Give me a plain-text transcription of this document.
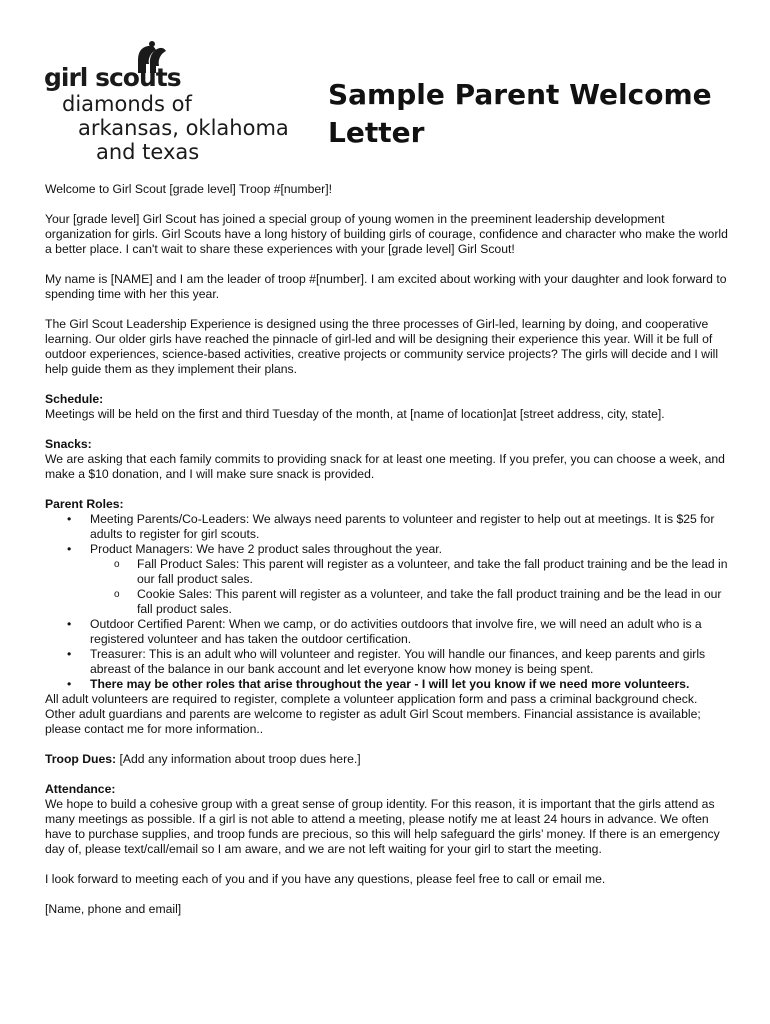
girl scouts
diamonds of
arkansas, oklahoma
and texas
Sample Parent Welcome
Letter

Welcome to Girl Scout [grade level] Troop #[number]!

Your [grade level] Girl Scout has joined a special group of young women in the preeminent leadership development organization for girls. Girl Scouts have a long history of building girls of courage, confidence and character who make the world a better place. I can't wait to share these experiences with your [grade level] Girl Scout!

My name is [NAME] and I am the leader of troop #[number]. I am excited about working with your daughter and look forward to spending time with her this year.

The Girl Scout Leadership Experience is designed using the three processes of Girl-led, learning by doing, and cooperative learning. Our older girls have reached the pinnacle of girl-led and will be designing their experience this year. Will it be full of outdoor experiences, science-based activities, creative projects or community service projects? The girls will decide and I will help guide them as they implement their plans.

Schedule:

Meetings will be held on the first and third Tuesday of the month, at [name of location]at [street address, city, state].

Snacks:

We are asking that each family commits to providing snack for at least one meeting. If you prefer, you can choose a week, and make a $10 donation, and I will make sure snack is provided.

Parent Roles:

• Meeting Parents/Co-Leaders: We always need parents to volunteer and register to help out at meetings. It is $25 for adults to register for girl scouts.
• Product Managers: We have 2 product sales throughout the year.
o Fall Product Sales: This parent will register as a volunteer, and take the fall product training and be the lead in our fall product sales.
o Cookie Sales: This parent will register as a volunteer, and take the fall product training and be the lead in our fall product sales.
• Outdoor Certified Parent: When we camp, or do activities outdoors that involve fire, we will need an adult who is a registered volunteer and has taken the outdoor certification.
• Treasurer: This is an adult who will volunteer and register. You will handle our finances, and keep parents and girls abreast of the balance in our bank account and let everyone know how money is being spent.
• There may be other roles that arise throughout the year - I will let you know if we need more volunteers.

All adult volunteers are required to register, complete a volunteer application form and pass a criminal background check. Other adult guardians and parents are welcome to register as adult Girl Scout members. Financial assistance is available; please contact me for more information..

Troop Dues: [Add any information about troop dues here.]

Attendance:

We hope to build a cohesive group with a great sense of group identity. For this reason, it is important that the girls attend as many meetings as possible. If a girl is not able to attend a meeting, please notify me at least 24 hours in advance. We often have to purchase supplies, and troop funds are precious, so this will help safeguard the girls’ money. If there is an emergency day of, please text/call/email so I am aware, and we are not left waiting for your girl to start the meeting.

I look forward to meeting each of you and if you have any questions, please feel free to call or email me.

[Name, phone and email]
